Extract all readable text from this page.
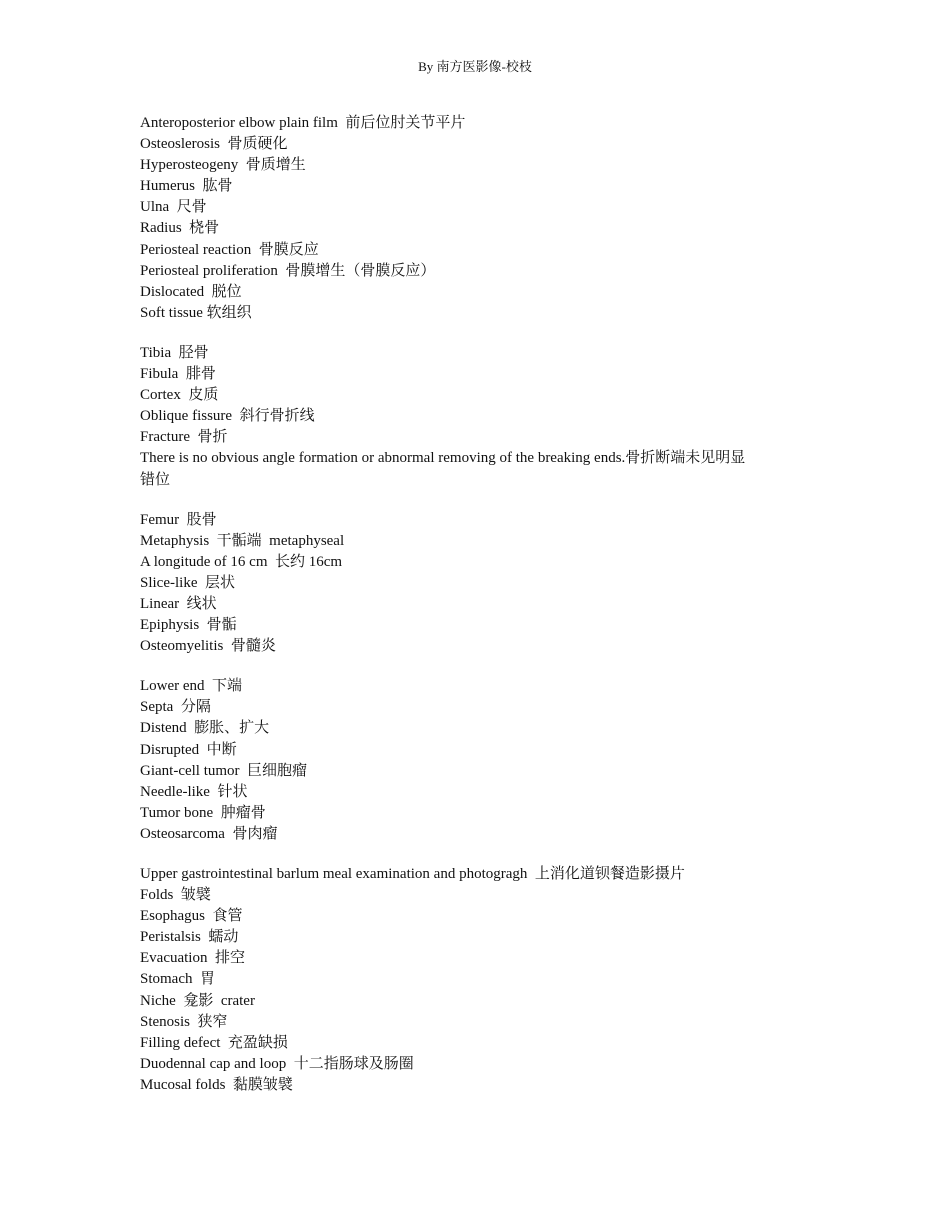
By 南方医影像-校枝
Anteroposterior elbow plain film  前后位肘关节平片
Osteoslerosis  骨质硬化
Hyperosteogeny  骨质增生
Humerus  肱骨
Ulna  尺骨
Radius  桡骨
Periosteal reaction  骨膜反应
Periosteal proliferation  骨膜增生（骨膜反应）
Dislocated  脱位
Soft tissue 软组织
Tibia  胫骨
Fibula  腓骨
Cortex  皮质
Oblique fissure  斜行骨折线
Fracture  骨折
There is no obvious angle formation or abnormal removing of the breaking ends.骨折断端未见明显
错位
Femur  股骨
Metaphysis  干骺端  metaphyseal
A longitude of 16 cm  长约 16cm
Slice-like  层状
Linear  线状
Epiphysis  骨骺
Osteomyelitis  骨髓炎
Lower end  下端
Septa  分隔
Distend  膨胀、扩大
Disrupted  中断
Giant-cell tumor  巨细胞瘤
Needle-like  针状
Tumor bone  肿瘤骨
Osteosarcoma  骨肉瘤
Upper gastrointestinal barlum meal examination and photogragh  上消化道钡餐造影摄片
Folds  皱襞
Esophagus  食管
Peristalsis  蠕动
Evacuation  排空
Stomach  胃
Niche  龛影  crater
Stenosis  狭窄
Filling defect  充盈缺损
Duodennal cap and loop  十二指肠球及肠圈
Mucosal folds  黏膜皱襞
